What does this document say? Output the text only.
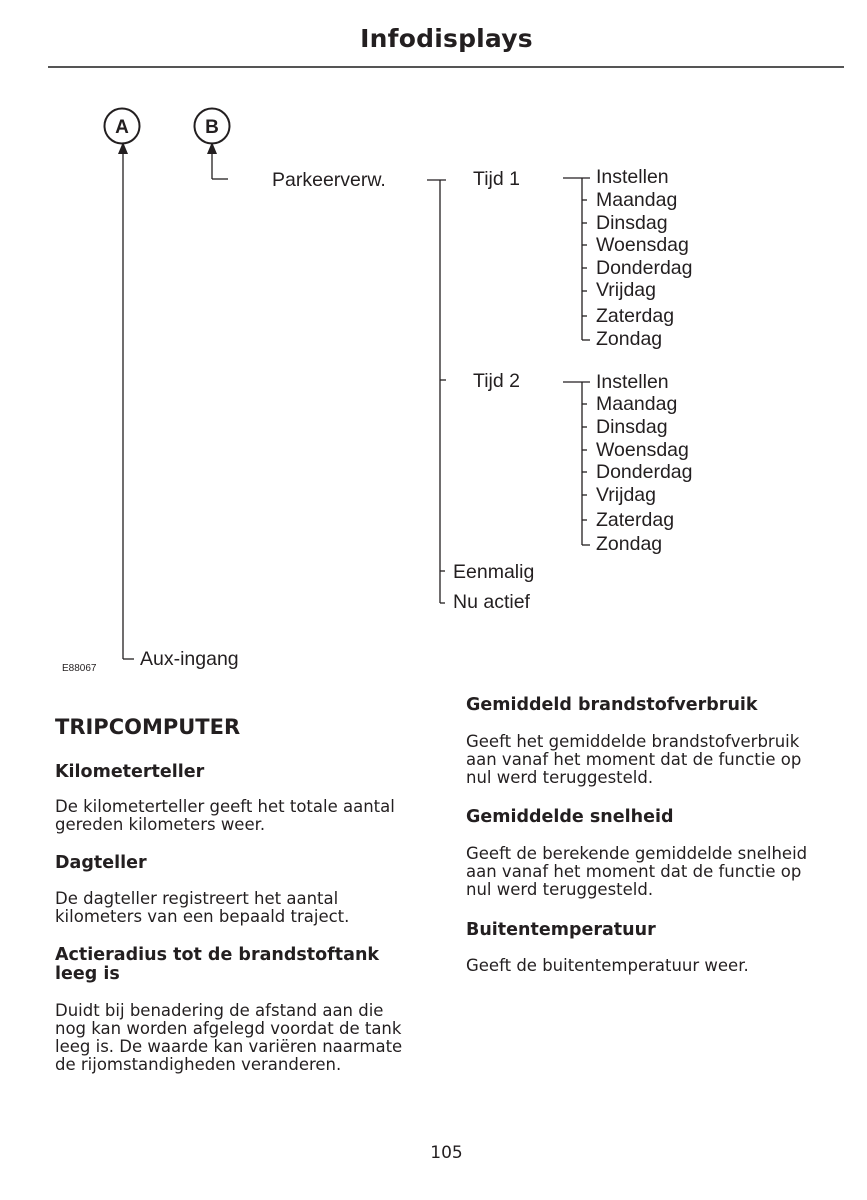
Infodisplays
A	B
Aux-ingang
Parkeerverw.	Tijd 1	Instellen
Maandag
Dinsdag
Woensdag
Donderdag
Vrijdag
Zaterdag
Zondag
Tijd 2	Instellen
Maandag
Dinsdag
Woensdag
Donderdag
Vrijdag
Zaterdag
Zondag
Eenmalig
Nu actief
E88067
TRIPCOMPUTER
Kilometerteller
De kilometerteller geeft het totale aantal
gereden kilometers weer.
Dagteller
De dagteller registreert het aantal
kilometers van een bepaald traject.
Actieradius tot de brandstoftank
leeg is
Duidt bij benadering de afstand aan die
nog kan worden afgelegd voordat de tank
leeg is. De waarde kan variëren naarmate
de rijomstandigheden veranderen.
Gemiddeld brandstofverbruik
Geeft het gemiddelde brandstofverbruik
aan vanaf het moment dat de functie op
nul werd teruggesteld.
Gemiddelde snelheid
Geeft de berekende gemiddelde snelheid
aan vanaf het moment dat de functie op
nul werd teruggesteld.
Buitentemperatuur
Geeft de buitentemperatuur weer.
105
